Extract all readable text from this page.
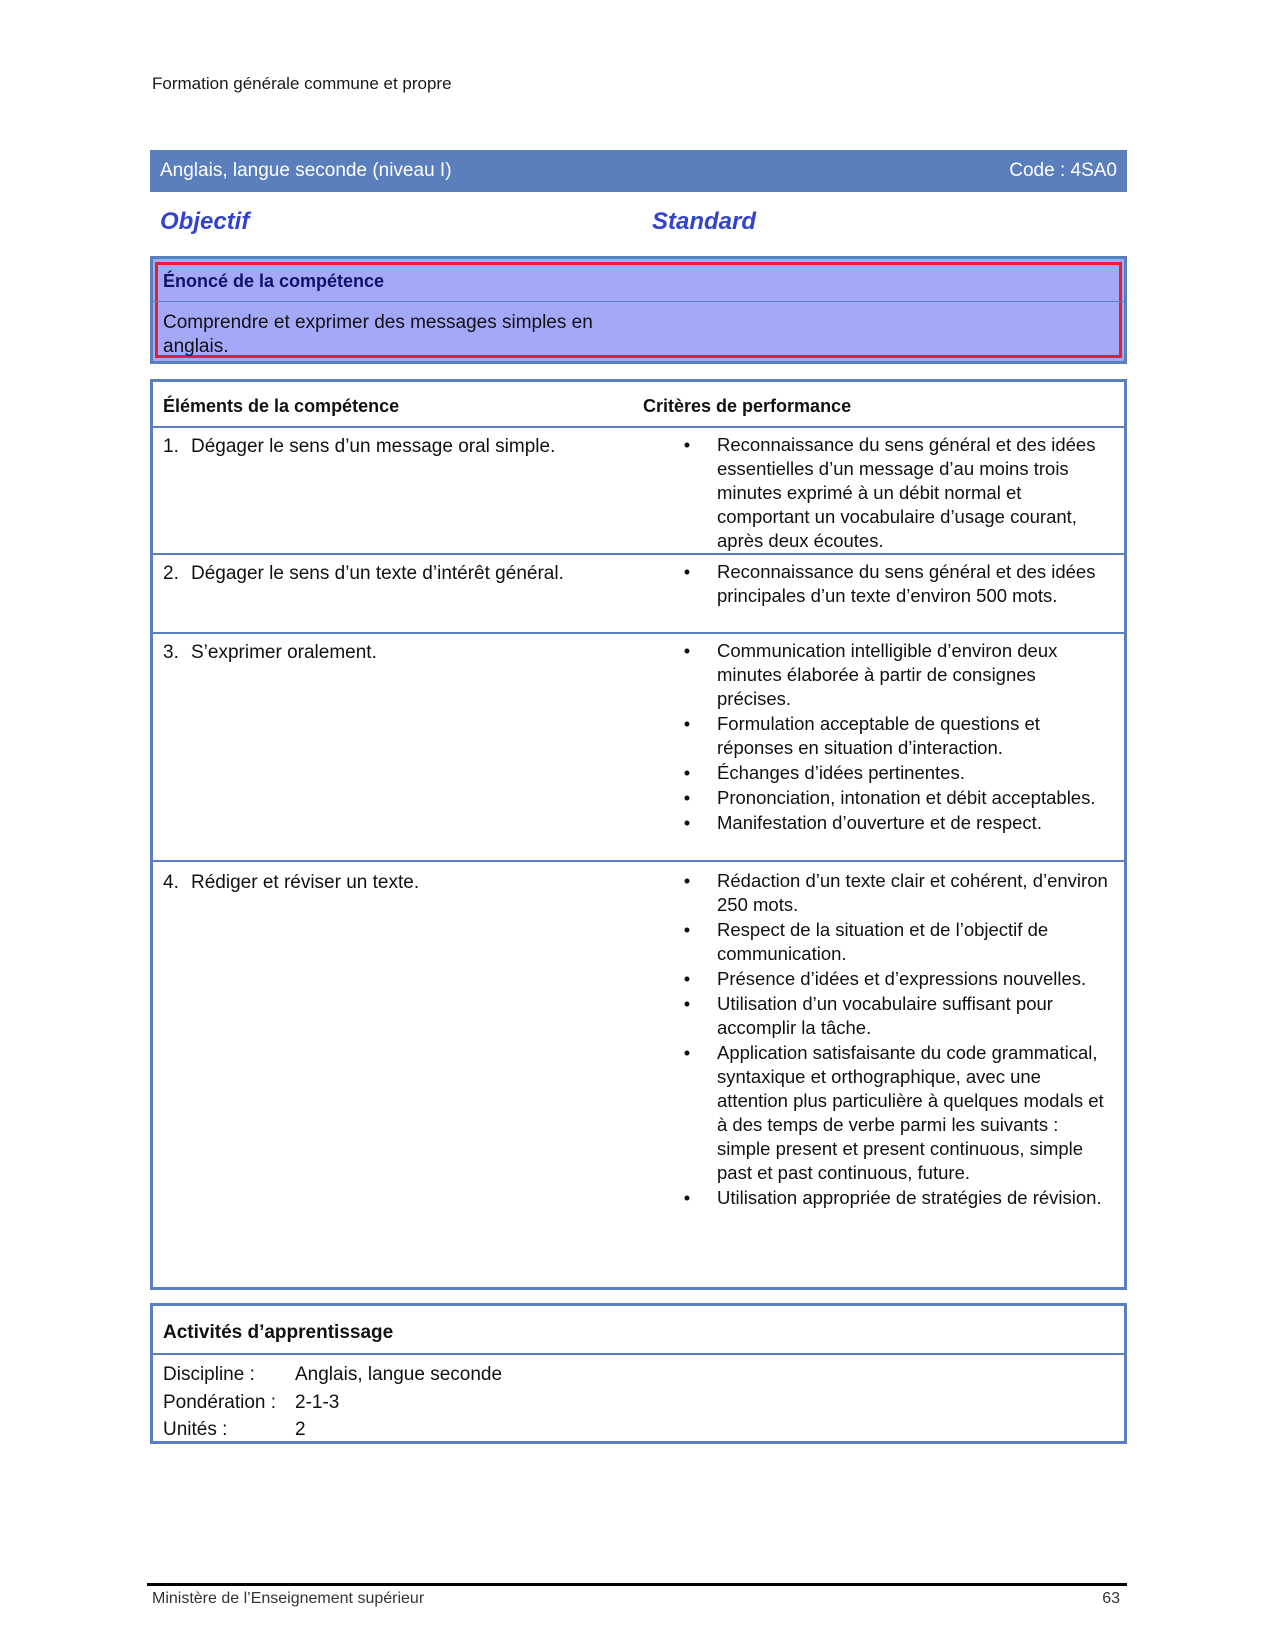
Formation générale commune et propre
Anglais, langue seconde (niveau I)	Code : 4SA0
Objectif	Standard
Énoncé de la compétence
Comprendre et exprimer des messages simples en anglais.
Éléments de la compétence	Critères de performance
1. Dégager le sens d’un message oral simple.	• Reconnaissance du sens général et des idées essentielles d’un message d’au moins trois minutes exprimé à un débit normal et comportant un vocabulaire d’usage courant, après deux écoutes.
2. Dégager le sens d’un texte d’intérêt général.	• Reconnaissance du sens général et des idées principales d’un texte d’environ 500 mots.
3. S’exprimer oralement.	• Communication intelligible d’environ deux minutes élaborée à partir de consignes précises.
• Formulation acceptable de questions et réponses en situation d’interaction.
• Échanges d’idées pertinentes.
• Prononciation, intonation et débit acceptables.
• Manifestation d’ouverture et de respect.
4. Rédiger et réviser un texte.	• Rédaction d’un texte clair et cohérent, d’environ 250 mots.
• Respect de la situation et de l’objectif de communication.
• Présence d’idées et d’expressions nouvelles.
• Utilisation d’un vocabulaire suffisant pour accomplir la tâche.
• Application satisfaisante du code grammatical, syntaxique et orthographique, avec une attention plus particulière à quelques modals et à des temps de verbe parmi les suivants : simple present et present continuous, simple past et past continuous, future.
• Utilisation appropriée de stratégies de révision.
Activités d’apprentissage
Discipline : Anglais, langue seconde
Pondération : 2-1-3
Unités :	2
Ministère de l’Enseignement supérieur	63
